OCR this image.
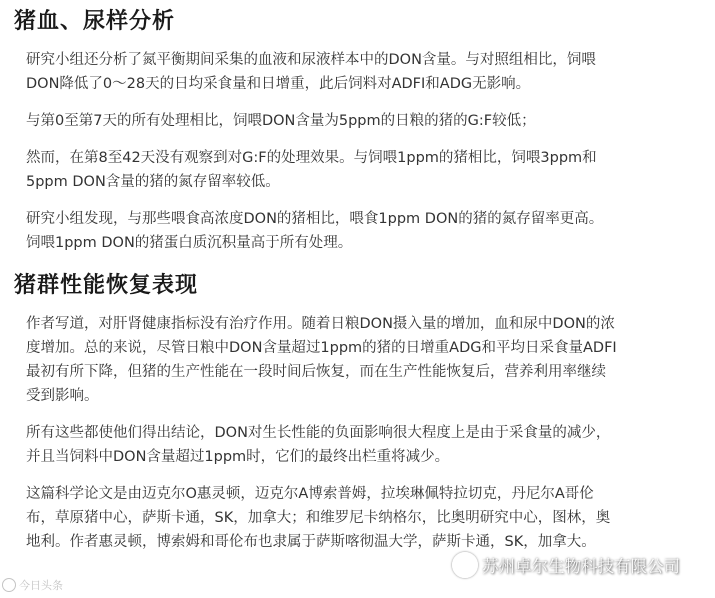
猪血、尿样分析

研究小组还分析了氮平衡期间采集的血液和尿液样本中的DON含量。与对照组相比，饲喂
DON降低了0～28天的日均采食量和日增重，此后饲料对ADFI和ADG无影响。

与第0至第7天的所有处理相比，饲喂DON含量为5ppm的日粮的猪的G:F较低；

然而，在第8至42天没有观察到对G:F的处理效果。与饲喂1ppm的猪相比，饲喂3ppm和
5ppm DON含量的猪的氮存留率较低。

研究小组发现，与那些喂食高浓度DON的猪相比，喂食1ppm DON的猪的氮存留率更高。
饲喂1ppm DON的猪蛋白质沉积量高于所有处理。

猪群性能恢复表现

作者写道，对肝肾健康指标没有治疗作用。随着日粮DON摄入量的增加，血和尿中DON的浓
度增加。总的来说，尽管日粮中DON含量超过1ppm的猪的日增重ADG和平均日采食量ADFI
最初有所下降，但猪的生产性能在一段时间后恢复，而在生产性能恢复后，营养利用率继续
受到影响。

所有这些都使他们得出结论，DON对生长性能的负面影响很大程度上是由于采食量的减少，
并且当饲料中DON含量超过1ppm时，它们的最终出栏重将减少。

这篇科学论文是由迈克尔O惠灵顿，迈克尔A博索普姆，拉埃琳佩特拉切克，丹尼尔A哥伦
布，草原猪中心，萨斯卡通，SK，加拿大；和维罗尼卡纳格尔，比奥明研究中心，图林，奥
地利。作者惠灵顿，博索姆和哥伦布也隶属于萨斯喀彻温大学，萨斯卡通，SK，加拿大。

苏州卓尔生物科技有限公司
今日头条
